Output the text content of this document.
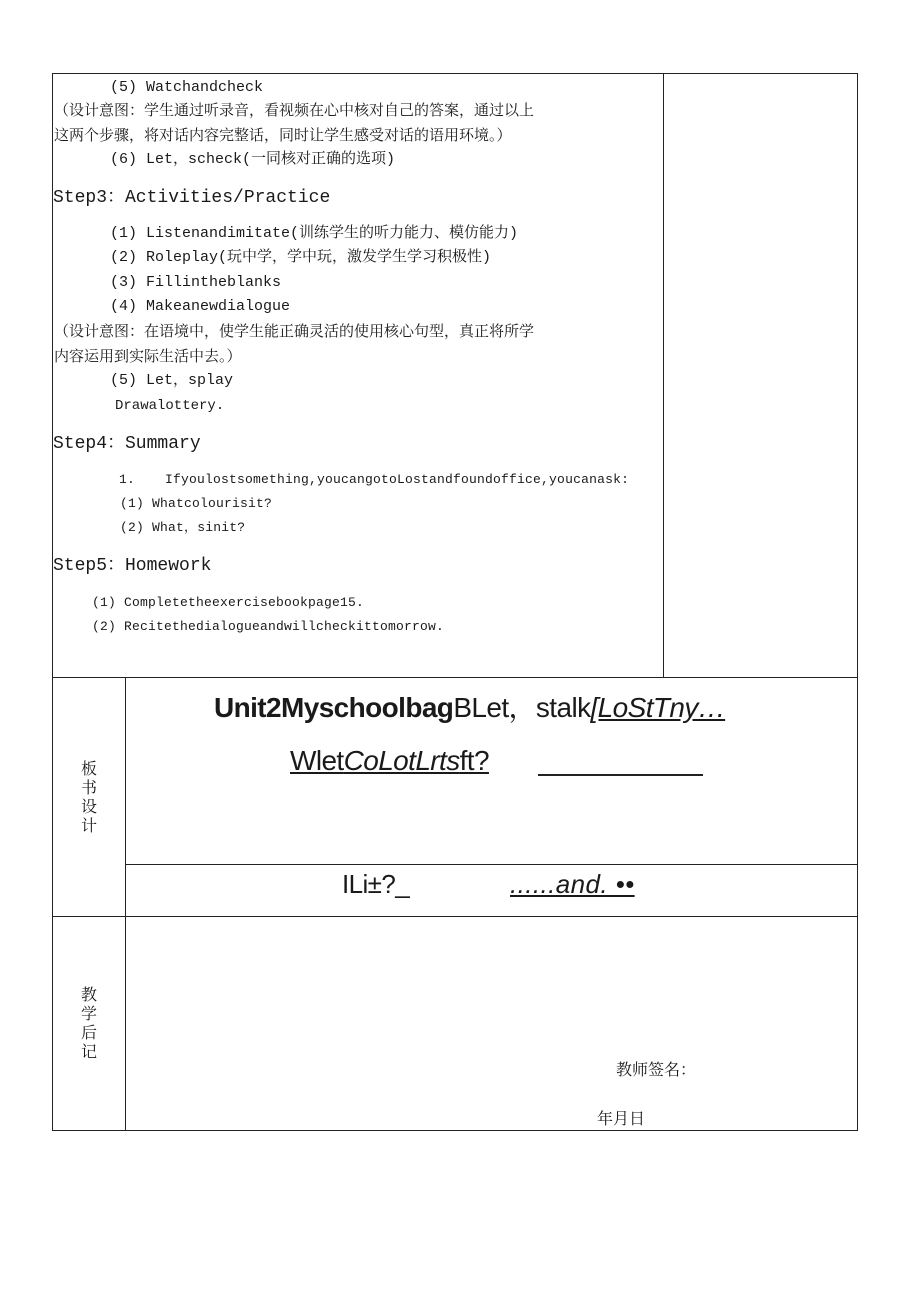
(5) Watchandcheck
（设计意图：学生通过听录音，看视频在心中核对自己的答案，通过以上
这两个步骤，将对话内容完整话，同时让学生感受对话的语用环境。）
(6) Let，scheck(一同核对正确的选项)
Step3：Activities/Practice
(1) Listenandimitate(训练学生的听力能力、模仿能力)
(2) Roleplay(玩中学，学中玩，激发学生学习积极性)
(3) Fillintheblanks
(4) Makeanewdialogue
（设计意图：在语境中，使学生能正确灵活的使用核心句型，真正将所学
内容运用到实际生活中去。）
(5) Let，splay
Drawalottery.
Step4：Summary
1. Ifyoulostsomething,youcangotoLostandfoundoffice,youcanask:
(1) Whatcolourisit?
(2) What，sinit?
Step5：Homework
(1) Completetheexercisebookpage15.
(2) Recitethedialogueandwillcheckittomorrow.
板
书
设
计
Unit2MyschoolbagBLet，stalk[LoStTny…
WletCoLotLrtsft?
ILi±?_	......and. ••
教
学
后
记
教师签名：
年月日
